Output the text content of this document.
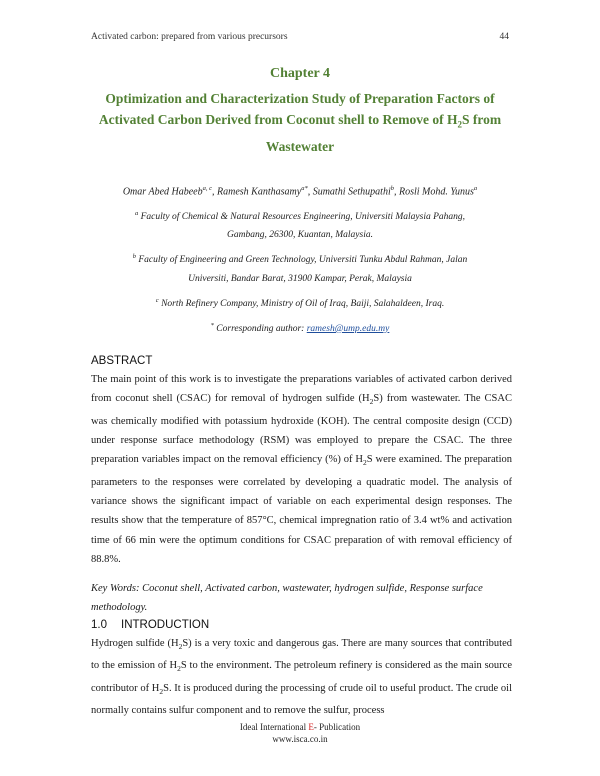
Activated carbon: prepared from various precursors	44
Chapter 4
Optimization and Characterization Study of Preparation Factors of
Activated Carbon Derived from Coconut shell to Remove of $H_2S$ from
Wastewater
Omar Abed Habeeb$^{a, c}$, Ramesh Kanthasamy$^{a*}$, Sumathi Sethupathi$^b$, Rosli Mohd. Yunus$^a$
$^a$ Faculty of Chemical & Natural Resources Engineering, Universiti Malaysia Pahang,
Gambang, 26300, Kuantan, Malaysia.
$^b$ Faculty of Engineering and Green Technology, Universiti Tunku Abdul Rahman, Jalan
Universiti, Bandar Barat, 31900 Kampar, Perak, Malaysia
$^c$ North Refinery Company, Ministry of Oil of Iraq, Baiji, Salahaldeen, Iraq.
* Corresponding author: ramesh@ump.edu.my
ABSTRACT
The main point of this work is to investigate the preparations variables of activated carbon derived from coconut shell (CSAC) for removal of hydrogen sulfide $(H_2S)$ from wastewater. The CSAC was chemically modified with potassium hydroxide (KOH). The central composite design (CCD) under response surface methodology (RSM) was employed to prepare the CSAC. The three preparation variables impact on the removal efficiency (%) of $H_2S$ were examined. The preparation parameters to the responses were correlated by developing a quadratic model. The analysis of variance shows the significant impact of variable on each experimental design responses. The results show that the temperature of 857°C, chemical impregnation ratio of 3.4 wt% and activation time of 66 min were the optimum conditions for CSAC preparation of with removal efficiency of 88.8%.
Key Words: Coconut shell, Activated carbon, wastewater, hydrogen sulfide, Response surface methodology.
1.0 INTRODUCTION
Hydrogen sulfide $(H_2S)$ is a very toxic and dangerous gas. There are many sources that contributed to the emission of $H_2S$ to the environment. The petroleum refinery is considered as the main source contributor of $H_2S$. It is produced during the processing of crude oil to useful product. The crude oil normally contains sulfur component and to remove the sulfur, process
Ideal International E- Publication
www.isca.co.in
